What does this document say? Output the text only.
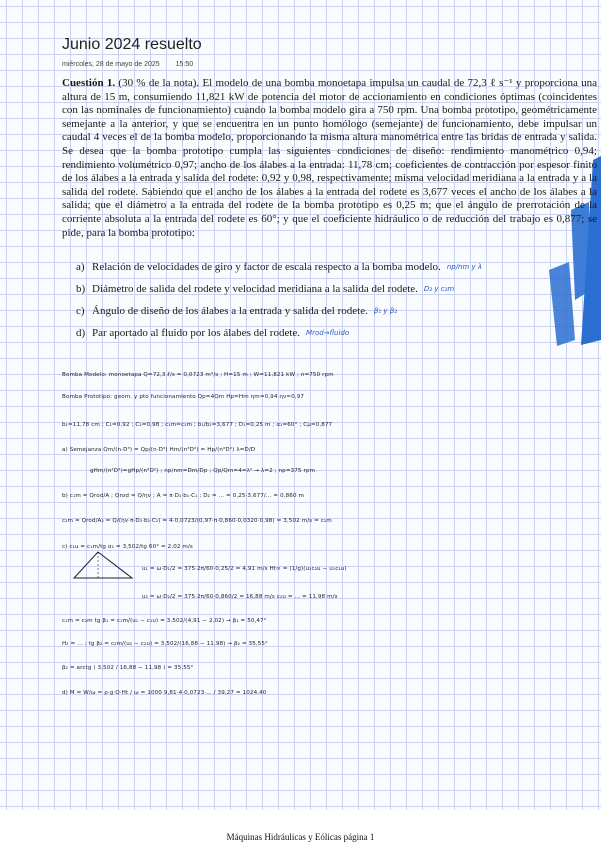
Junio 2024 resuelto
miércoles, 28 de mayo de 2025 15:50
Cuestión 1. (30 % de la nota). El modelo de una bomba monoetapa impulsa un caudal de 72,3 ℓ s⁻¹ y proporciona una altura de 15 m, consumiendo 11,821 kW de potencia del motor de accionamiento en condiciones óptimas (coincidentes con las nominales de funcionamiento) cuando la bomba modelo gira a 750 rpm. Una bomba prototipo, geométricamente semejante a la anterior, y que se encuentra en un punto homólogo (semejante) de funcionamiento, debe impulsar un caudal 4 veces el de la bomba modelo, proporcionando la misma altura manométrica entre las bridas de entrada y salida. Se desea que la bomba prototipo cumpla las siguientes condiciones de diseño: rendimiento manométrico 0,94; rendimiento volumétrico 0,97; ancho de los álabes a la entrada: 11,78 cm; coeficientes de contracción por espesor finito de los álabes a la entrada y salida del rodete: 0,92 y 0,98, respectivamente; misma velocidad meridiana a la entrada y a la salida del rodete. Sabiendo que el ancho de los álabes a la entrada del rodete es 3,677 veces el ancho de los álabes a la salida; que el diámetro a la entrada del rodete de la bomba prototipo es 0,25 m; que el ángulo de prerrotación de la corriente absoluta a la entrada del rodete es 60°; y que el coeficiente hidráulico o de reducción del trabajo es 0,877; se pide, para la bomba prototipo:
a) Relación de velocidades de giro y factor de escala respecto a la bomba modelo. np/nm y λ
b) Diámetro de salida del rodete y velocidad meridiana a la salida del rodete. D₂ y c₂m
c) Ángulo de diseño de los álabes a la entrada y salida del rodete. β₁ y β₂
d) Par aportado al fluido por los álabes del rodete. Mrod→fluido
Bomba Modelo: monoetapa Q=72,3 ℓ/s = 0,0723 m³/s ; H=15 m ; W=11,821 kW ; n=750 rpm
Bomba Prototipo: geom. y pto funcionamiento Qp=4Qm Hp=Hm ηm=0,94 ηv=0,97
b₁=11,78 cm ; C₁=0,92 ; C₂=0,98 ; c₁m=c₂m ; b₁/b₂=3,677 ; D₁=0,25 m ; α₁=60° ; Cμ=0,877
a) Semejanza Qm/(n·D³) = Qp/(n·D³) Hm/(n²D²) = Hp/(n²D²) λ=D/D
gHm/(n²D²)=gHp/(n²D²) ; np/nm=Dm/Dp ; Qp/Qm=4=λ² → λ=2 ; np=375 rpm
b) c₁m = Qrod/A ; Qrod = Q/ηv ; A = π·D₁·b₁·C₁ ; D₂ = ... = 0,25·3,677/... = 0,860 m
c₂m = Qrod/A₂ = Q/(ηv·π·D₂·b₂·C₂) = 4·0,0723/(0,97·π·0,860·0,0320·0,98) = 3,502 m/s = c₁m
c) c₁u = c₁m/tg α₁ = 3,502/tg 60° = 2,02 m/s
u₁ = ω·D₁/2 = 375·2π/60·0,25/2 = 4,91 m/s Ht∞ = (1/g)(u₂c₂u − u₁c₁u)
u₂ = ω·D₂/2 = 375·2π/60·0,860/2 = 16,88 m/s c₂u = ... = 11,98 m/s
c₁m = c₂m tg β₁ = c₁m/(u₁ − c₁u) = 3,502/(4,91 − 2,02) → β₁ = 50,47°
H₂ = ... ; tg β₂ = c₂m/(u₂ − c₂u) = 3,502/(16,88 − 11,98) → β₂ = 35,55°
β₂ = arctg ( 3,502 / 16,88 − 11,98 ) = 35,55°
d) M = W/ω = ρ·g·Q·Ht / ω = 1000·9,81·4·0,0723·... / 39,27 = 1024,40
Máquinas Hidráulicas y Eólicas página 1
